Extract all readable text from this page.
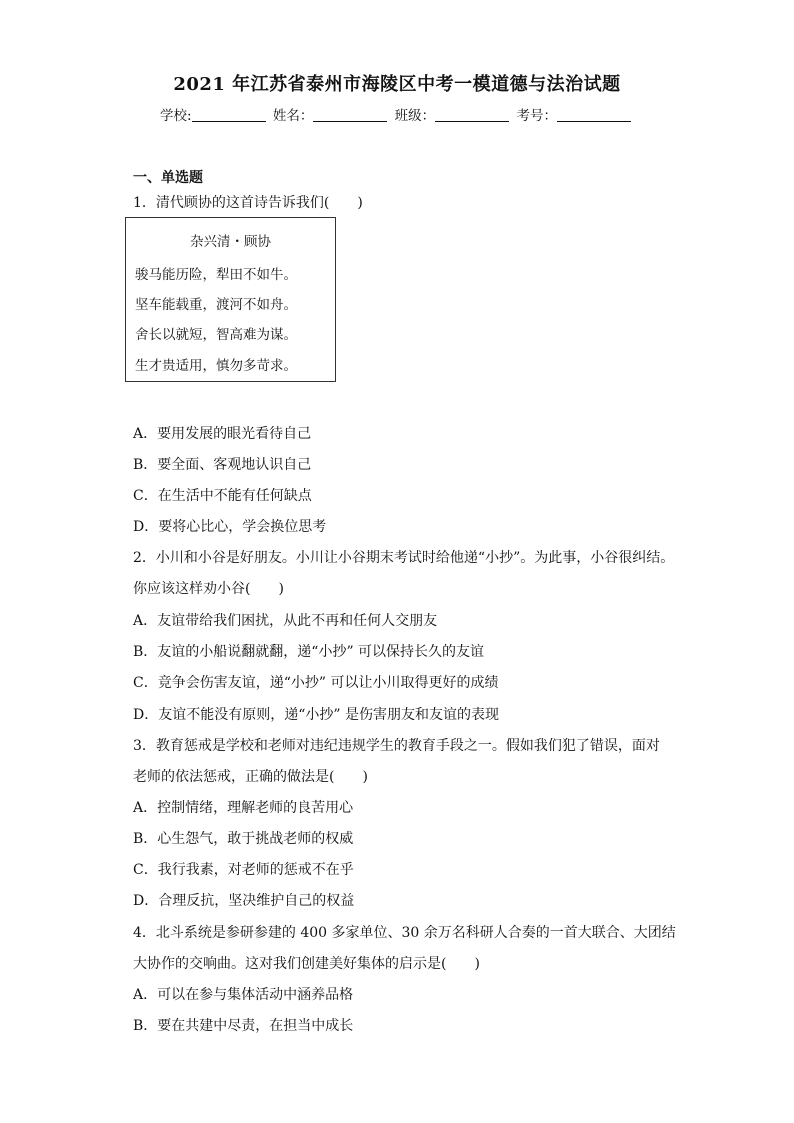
2021 年江苏省泰州市海陵区中考一模道德与法治试题
学校:	姓名：	班级：	考号：
一、单选题
1．清代顾协的这首诗告诉我们(　　)
杂兴清・顾协
骏马能历险，犁田不如牛。
坚车能载重，渡河不如舟。
舍长以就短，智高难为谋。
生才贵适用，慎勿多苛求。
A．要用发展的眼光看待自己
B．要全面、客观地认识自己
C．在生活中不能有任何缺点
D．要将心比心，学会换位思考
2．小川和小谷是好朋友。小川让小谷期末考试时给他递“小抄”。为此事，小谷很纠结。
你应该这样劝小谷(　　)
A．友谊带给我们困扰，从此不再和任何人交朋友
B．友谊的小船说翻就翻，递“小抄” 可以保持长久的友谊
C．竞争会伤害友谊，递“小抄” 可以让小川取得更好的成绩
D．友谊不能没有原则，递“小抄” 是伤害朋友和友谊的表现
3．教育惩戒是学校和老师对违纪违规学生的教育手段之一。假如我们犯了错误，面对
老师的依法惩戒，正确的做法是(　　)
A．控制情绪，理解老师的良苦用心
B．心生怨气，敢于挑战老师的权威
C．我行我素，对老师的惩戒不在乎
D．合理反抗，坚决维护自己的权益
4．北斗系统是参研参建的 400 多家单位、30 余万名科研人合奏的一首大联合、大团结
大协作的交响曲。这对我们创建美好集体的启示是(　　)
A．可以在参与集体活动中涵养品格
B．要在共建中尽责，在担当中成长
